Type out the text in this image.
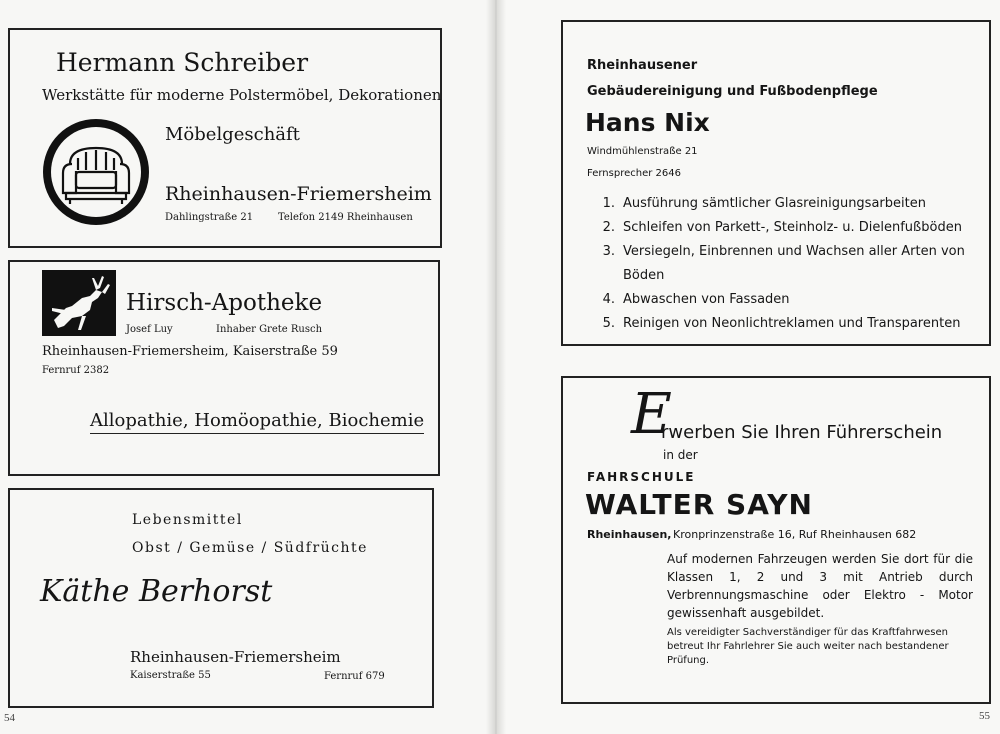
Hermann Schreiber
Werkstätte für moderne Polstermöbel, Dekorationen
Möbelgeschäft
Rheinhausen-Friemersheim
Dahlingstraße 21 Telefon 2149 Rheinhausen
Hirsch-Apotheke
Josef Luy	Inhaber Grete Rusch
Rheinhausen-Friemersheim, Kaiserstraße 59
Fernruf 2382
Allopathie, Homöopathie, Biochemie
Lebensmittel
Obst / Gemüse / Südfrüchte
Käthe Berhorst
Rheinhausen-Friemersheim
Kaiserstraße 55	Fernruf 679
54
Rheinhausener
Gebäudereinigung und Fußbodenpflege
Hans Nix
Windmühlenstraße 21
Fernsprecher 2646
1. Ausführung sämtlicher Glasreinigungsarbeiten
2. Schleifen von Parkett-, Steinholz- u. Dielenfußböden
3. Versiegeln, Einbrennen und Wachsen aller Arten von Böden
4. Abwaschen von Fassaden
5. Reinigen von Neonlichtreklamen und Transparenten
E
rwerben Sie Ihren Führerschein
in der
FAHRSCHULE
WALTER SAYN
Rheinhausen, Kronprinzenstraße 16, Ruf Rheinhausen 682
Auf modernen Fahrzeugen werden Sie dort für die Klassen 1, 2 und 3 mit Antrieb durch Verbrennungsmaschine oder Elektro - Motor gewissenhaft ausgebildet.
Als vereidigter Sachverständiger für das Kraftfahrwesen betreut Ihr Fahrlehrer Sie auch weiter nach bestandener Prüfung.
55
